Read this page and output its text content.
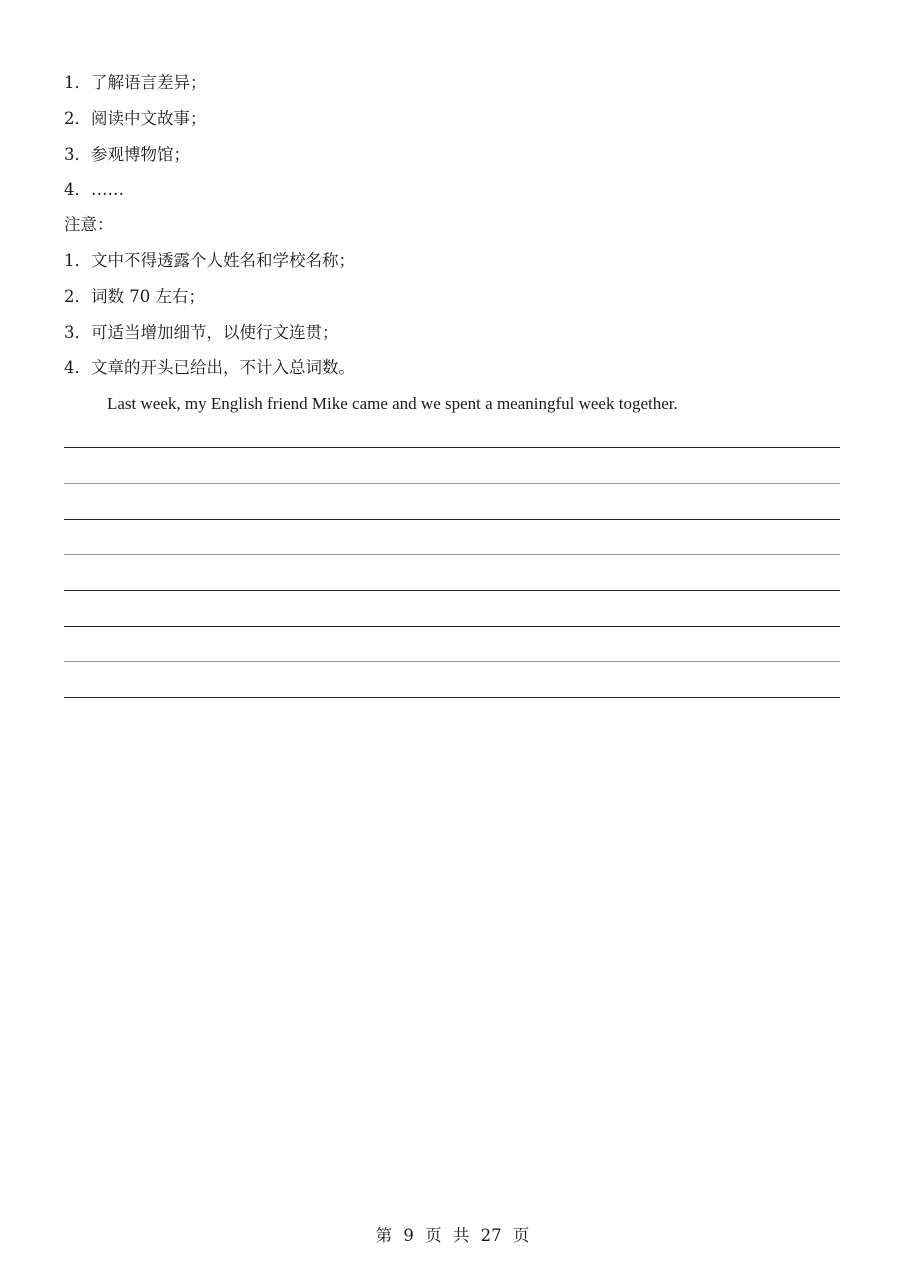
1．了解语言差异；
2．阅读中文故事；
3．参观博物馆；
4．……
注意：
1．文中不得透露个人姓名和学校名称；
2．词数 70 左右；
3．可适当增加细节，以使行文连贯；
4．文章的开头已给出，不计入总词数。
Last week, my English friend Mike came and we spent a meaningful week together.
第 9 页 共 27 页
